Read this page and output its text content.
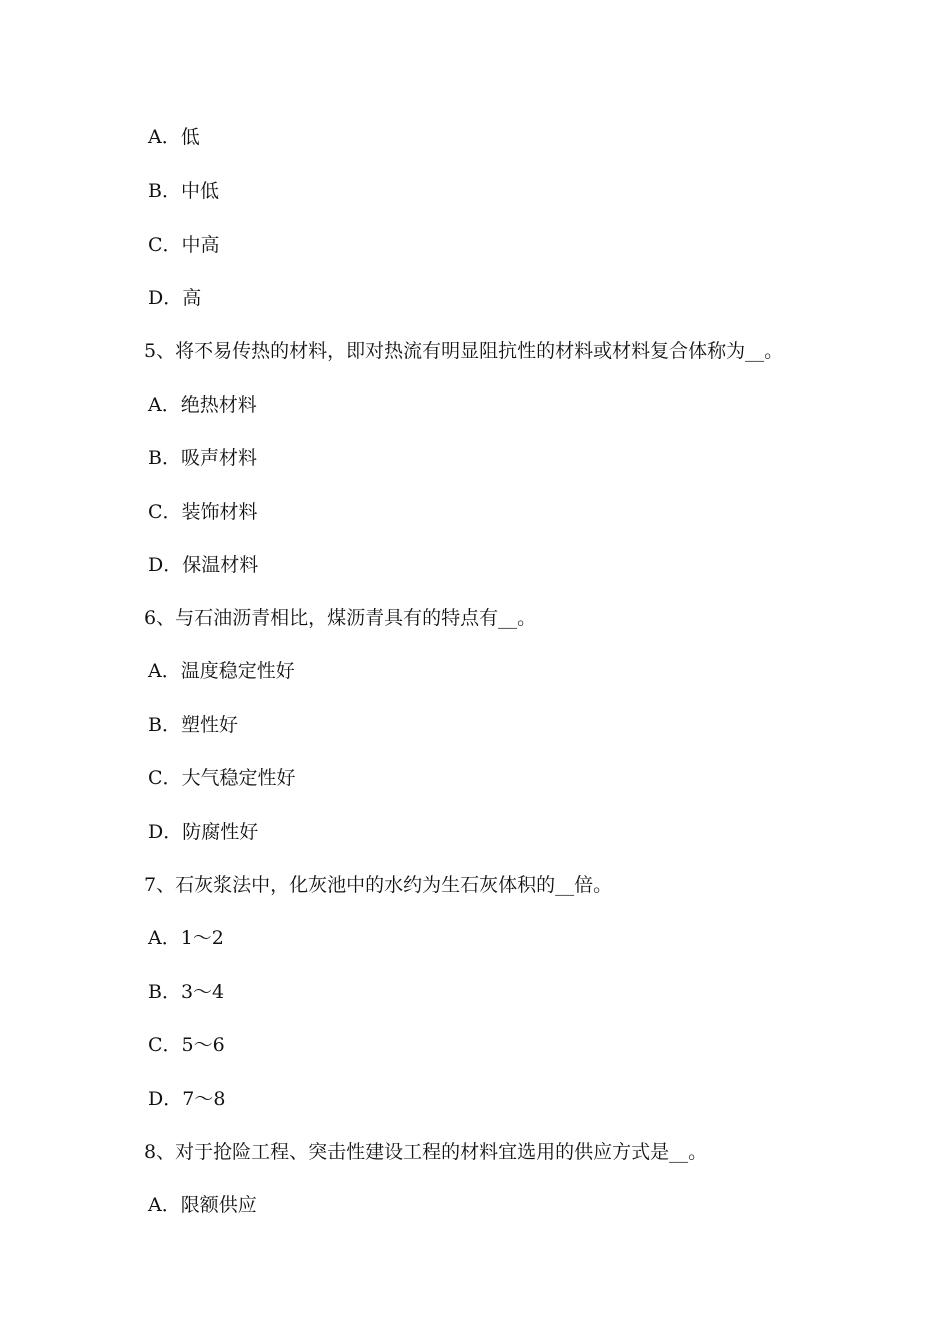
A．低
B．中低
C．中高
D．高
5、将不易传热的材料，即对热流有明显阻抗性的材料或材料复合体称为__。
A．绝热材料
B．吸声材料
C．装饰材料
D．保温材料
6、与石油沥青相比，煤沥青具有的特点有__。
A．温度稳定性好
B．塑性好
C．大气稳定性好
D．防腐性好
7、石灰浆法中，化灰池中的水约为生石灰体积的__倍。
A．1～2
B．3～4
C．5～6
D．7～8
8、对于抢险工程、突击性建设工程的材料宜选用的供应方式是__。
A．限额供应
